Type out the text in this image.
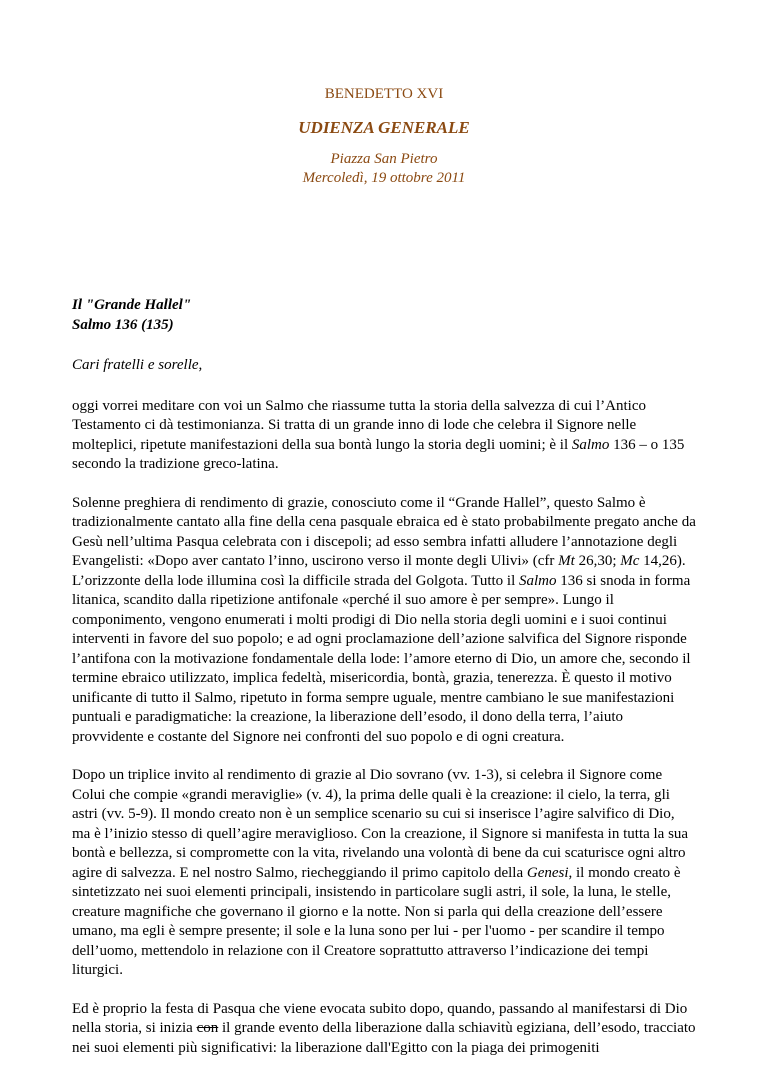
BENEDETTO XVI
UDIENZA GENERALE
Piazza San Pietro
Mercoledì, 19 ottobre 2011
Il "Grande Hallel"
Salmo 136 (135)

Cari fratelli e sorelle,

oggi vorrei meditare con voi un Salmo che riassume tutta la storia della salvezza di cui l’Antico Testamento ci dà testimonianza. Si tratta di un grande inno di lode che celebra il Signore nelle molteplici, ripetute manifestazioni della sua bontà lungo la storia degli uomini; è il Salmo 136 – o 135 secondo la tradizione greco-latina.

Solenne preghiera di rendimento di grazie, conosciuto come il “Grande Hallel”, questo Salmo è tradizionalmente cantato alla fine della cena pasquale ebraica ed è stato probabilmente pregato anche da Gesù nell’ultima Pasqua celebrata con i discepoli; ad esso sembra infatti alludere l’annotazione degli Evangelisti: «Dopo aver cantato l’inno, uscirono verso il monte degli Ulivi» (cfr Mt 26,30; Mc 14,26). L’orizzonte della lode illumina così la difficile strada del Golgota. Tutto il Salmo 136 si snoda in forma litanica, scandito dalla ripetizione antifonale «perché il suo amore è per sempre». Lungo il componimento, vengono enumerati i molti prodigi di Dio nella storia degli uomini e i suoi continui interventi in favore del suo popolo; e ad ogni proclamazione dell’azione salvifica del Signore risponde l’antifona con la motivazione fondamentale della lode: l’amore eterno di Dio, un amore che, secondo il termine ebraico utilizzato, implica fedeltà, misericordia, bontà, grazia, tenerezza. È questo il motivo unificante di tutto il Salmo, ripetuto in forma sempre uguale, mentre cambiano le sue manifestazioni puntuali e paradigmatiche: la creazione, la liberazione dell’esodo, il dono della terra, l’aiuto provvidente e costante del Signore nei confronti del suo popolo e di ogni creatura.

Dopo un triplice invito al rendimento di grazie al Dio sovrano (vv. 1-3), si celebra il Signore come Colui che compie «grandi meraviglie» (v. 4), la prima delle quali è la creazione: il cielo, la terra, gli astri (vv. 5-9). Il mondo creato non è un semplice scenario su cui si inserisce l’agire salvifico di Dio, ma è l’inizio stesso di quell’agire meraviglioso. Con la creazione, il Signore si manifesta in tutta la sua bontà e bellezza, si compromette con la vita, rivelando una volontà di bene da cui scaturisce ogni altro agire di salvezza. E nel nostro Salmo, riecheggiando il primo capitolo della Genesi, il mondo creato è sintetizzato nei suoi elementi principali, insistendo in particolare sugli astri, il sole, la luna, le stelle, creature magnifiche che governano il giorno e la notte. Non si parla qui della creazione dell’essere umano, ma egli è sempre presente; il sole e la luna sono per lui - per l'uomo - per scandire il tempo dell’uomo, mettendolo in relazione con il Creatore soprattutto attraverso l’indicazione dei tempi liturgici.

Ed è proprio la festa di Pasqua che viene evocata subito dopo, quando, passando al manifestarsi di Dio nella storia, si inizia con il grande evento della liberazione dalla schiavitù egiziana, dell’esodo, tracciato nei suoi elementi più significativi: la liberazione dall'Egitto con la piaga dei primogeniti
